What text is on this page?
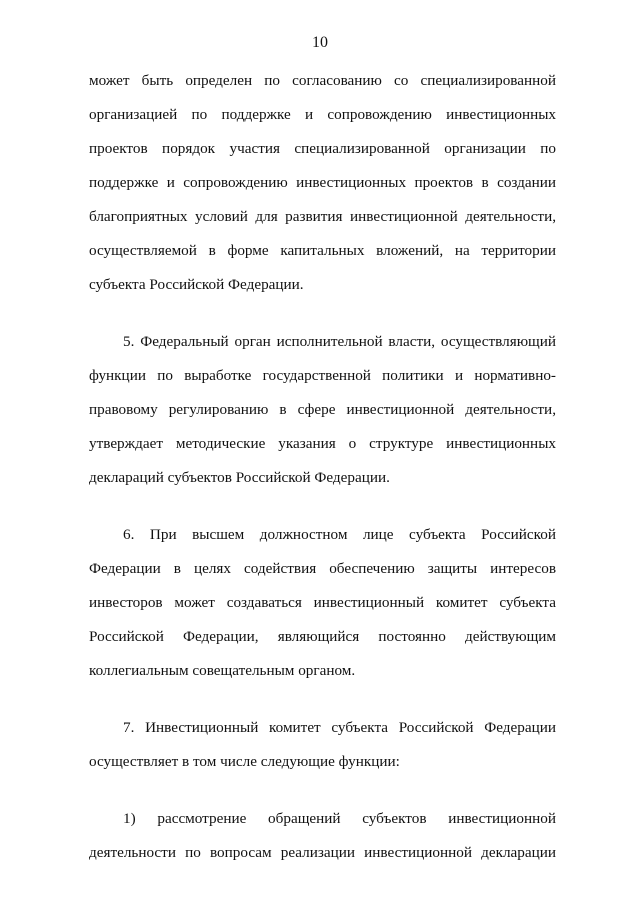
10
может быть определен по согласованию со специализированной
организацией по поддержке и сопровождению инвестиционных
проектов порядок участия специализированной организации по
поддержке и сопровождению инвестиционных проектов в создании
благоприятных условий для развития инвестиционной деятельности,
осуществляемой в форме капитальных вложений, на территории
субъекта Российской Федерации.
5. Федеральный орган исполнительной власти, осуществляющий
функции по выработке государственной политики и нормативно-
правовому регулированию в сфере инвестиционной деятельности,
утверждает методические указания о структуре инвестиционных
деклараций субъектов Российской Федерации.
6. При высшем должностном лице субъекта Российской
Федерации в целях содействия обеспечению защиты интересов
инвесторов может создаваться инвестиционный комитет субъекта
Российской Федерации, являющийся постоянно действующим
коллегиальным совещательным органом.
7. Инвестиционный комитет субъекта Российской Федерации
осуществляет в том числе следующие функции:
1) рассмотрение обращений субъектов инвестиционной
деятельности по вопросам реализации инвестиционной декларации
